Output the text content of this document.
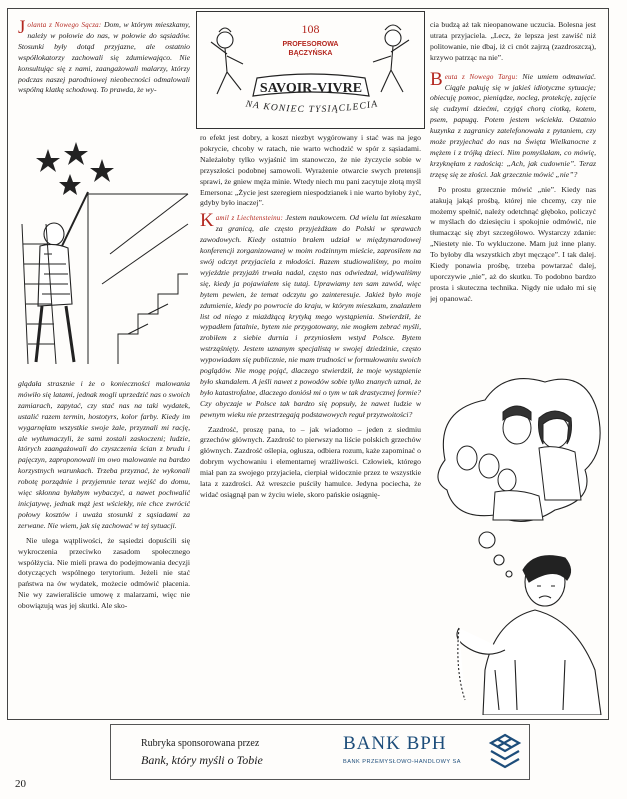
108
PROFESOROWA
BĄCZYŃSKA
SAVOIR-VIVRE
NA KONIEC TYSIĄCLECIA

Jolanta z Nowego Sącza: Dom, w którym mieszkamy, należy w połowie do nas, w połowie do sąsiadów. Stosunki były dotąd przyjazne, ale ostatnio współlokatorzy zachowali się zdumiewająco. Nie konsultując się z nami, zaangażowali malarzy, którzy podczas naszej parodniowej nieobecności odmalowali wspólną klatkę schodową. To prawda, że wy-

glądała strasznie i że o konieczności malowania mówiło się latami, jednak mogli uprzedzić nas o swoich zamiarach, zapytać, czy stać nas na taki wydatek, ustalić razem termin, hostotyrs, kolor farby. Kiedy im wygarnęłam wszystkie swoje żale, przyznali mi rację, ale wytłumaczyli, że sami zostali zaskoczeni; ludzie, których zaangażowali do czyszczenia ścian z brudu i pajęczyn, zaproponowali im owo malowanie na bardzo korzystnych warunkach. Trzeba przyznać, że wykonali robotę porządnie i przyjemnie teraz wejść do domu, więc skłonna byłabym wybaczyć, a nawet pochwalić inicjatywę, jednak mąż jest wściekły, nie chce zwrócić połowy kosztów i uważa stosunki z sąsiadami za zerwane. Nie wiem, jak się zachować w tej sytuacji.

Nie ulega wątpliwości, że sąsiedzi dopuścili się wykroczenia przeciwko zasadom społecznego współżycia. Nie mieli prawa do podejmowania decyzji dotyczących wspólnego terytorium. Jeżeli nie stać państwa na ów wydatek, możecie odmówić płacenia. Nie wy zawieraliście umowę z malarzami, więc nie obowiązują was jej skutki. Ale sko-

ro efekt jest dobry, a koszt niezbyt wygórowany i stać was na jego pokrycie, chcoby w ratach, nie warto wchodzić w spór z sąsiadami. Należałoby tylko wyjaśnić im stanowczo, że nie życzycie sobie w przyszłości podobnej samowoli. Wyrażenie otwarcie swych pretensji sprawi, że gniew męża minie. Wtedy niech mu pani zacytuje złotą myśl Emersona: „Życie jest szeregiem niespodzianek i nie warto byłoby żyć, gdyby było inaczej”.

Kamil z Liechtensteinu: Jestem naukowcem. Od wielu lat mieszkam za granicą, ale często przyjeżdżam do Polski w sprawach zawodowych. Kiedy ostatnio brałem udział w międzynarodowej konferencji zorganizowanej w moim rodzinnym mieście, zaprosiłem na swój odczyt przyjaciela z młodości. Razem studiowaliśmy, po moim wyjeździe przyjaźń trwała nadal, często nas odwiedzał, widywaliśmy się, kiedy ja pojawiałem się tutaj. Uprawiamy ten sam zawód, więc bytem pewien, że temat odczytu go zainteresuje. Jakież było moje zdumienie, kiedy po powrocie do kraju, w którym mieszkam, znalazłem list od niego z miażdżącą krytyką mego wystąpienia. Stwierdził, że wypadłem fatalnie, bytem nie przygotowany, nie mogłem zebrać myśli, zrobiłem z siebie durnia i przyniosłem wstyd Polsce. Bytem wstrząśnięty. Jestem uznanym specjalistą w swojej dziedzinie, często wypowiadam się publicznie, nie mam trudności w formułowaniu swoich poglądów. Nie mogę pojąć, dlaczego stwierdził, że moje wystąpienie było skandalem. A jeśli nawet z powodów sobie tylko znanych uznał, że było katastrofalne, dlaczego doniósł mi o tym w tak drastycznej formie? Czy obyczaje w Polsce tak bardzo się popsuły, że nawet ludzie w pewnym wieku nie przestrzegają podstawowych reguł przyzwoitości?

Zazdrość, proszę pana, to – jak wiadomo – jeden z siedmiu grzechów głównych. Zazdrość to pierwszy na liście polskich grzechów głównych. Zazdrość oślepia, ogłusza, odbiera rozum, każe zapominać o dobrym wychowaniu i elementarnej wrażliwości. Człowiek, którego miał pan za swojego przyjaciela, cierpiał widocznie przez te wszystkie lata z zazdrości. Aż wreszcie puściły hamulce. Jedyna pociecha, że widać osiągnął pan w życiu wiele, skoro pańskie osiągnię-

cia budzą aż tak nieopanowane uczucia. Bolesna jest utrata przyjaciela. „Lecz, że lepsza jest zawiść niż politowanie, nie dbaj, iż ci cnót zajrzą (zazdroszczą), krzywo patrząc na nie”.

Beuta z Nowego Targu: Nie umiem odmawiać. Ciągle pakuję się w jakieś idiotyczne sytuacje; obiecuję pomoc, pieniądze, nocleg, protekcję, zajęcie się cudzymi dziećmi, czyjąś chorą ciotką, kotem, psem, papugą. Potem jestem wściekła. Ostatnio kuzynka z zagranicy zatelefonowała z pytaniem, czy może przyjechać do nas na Święta Wielkanocne z mężem i z trójką dzieci. Nim pomyślałam, co mówię, krzyknęłam z radością: „Ach, jak cudownie”. Teraz trzęsę się ze złości. Jak grzecznie mówić „nie”?

Po prostu grzecznie mówić „nie”. Kiedy nas atakują jakąś prośbą, której nie chcemy, czy nie możemy spełnić, należy odetchnąć głęboko, policzyć w myślach do dziesięciu i spokojnie odmówić, nie tłumacząc się zbyt szczegółowo. Wystarczy zdanie: „Niestety nie. To wykluczone. Mam już inne plany. To byłoby dla wszystkich zbyt męczące”. I tak dalej. Kiedy ponawia prośbę, trzeba powtarzać dalej, uporczywie „nie”, aż do skutku. To podobno bardzo prosta i skuteczna technika. Nigdy nie udało mi się jej opanować.

Rubryka sponsorowana przez
Bank, który myśli o Tobie
BANK BPH
BANK PRZEMYSŁOWO-HANDLOWY SA
20
